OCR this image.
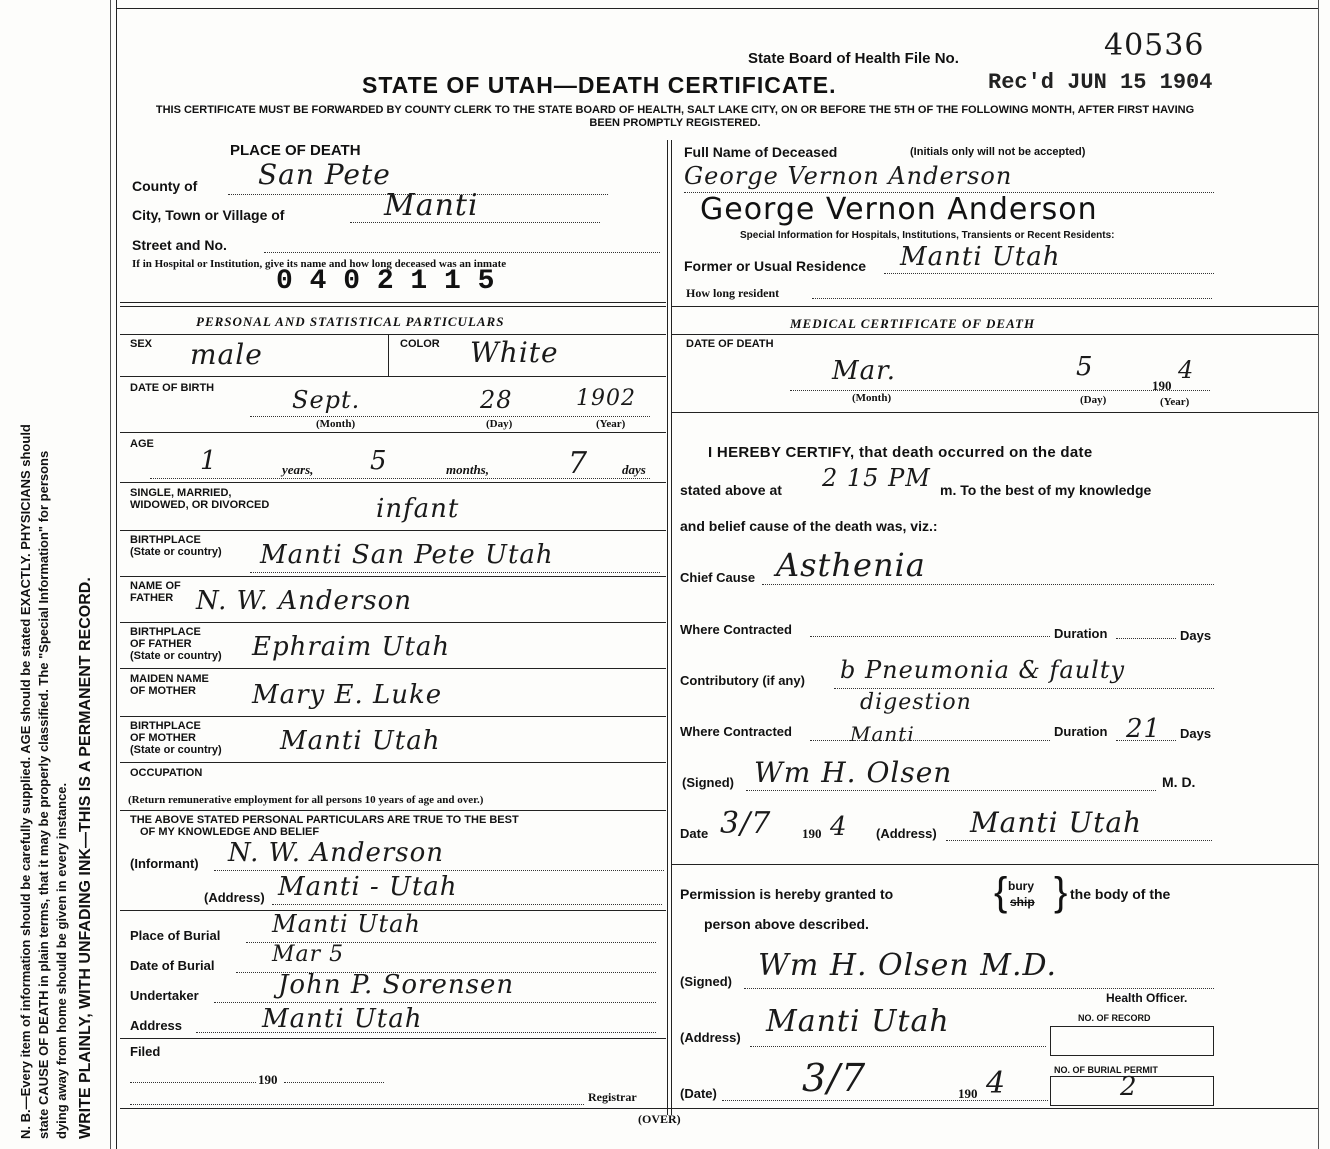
N. B.—Every item of information should be carefully supplied. AGE should be stated EXACTLY. PHYSICIANS should state CAUSE OF DEATH in plain terms, that it may be properly classified. The "Special Information" for persons dying away from home should be given in every instance. WRITE PLAINLY, WITH UNFADING INK—THIS IS A PERMANENT RECORD.
State Board of Health File No.	40536
STATE OF UTAH—DEATH CERTIFICATE.	Rec'd JUN 15 1904
THIS CERTIFICATE MUST BE FORWARDED BY COUNTY CLERK TO THE STATE BOARD OF HEALTH, SALT LAKE CITY, ON OR BEFORE THE 5TH OF THE FOLLOWING MONTH, AFTER FIRST HAVING BEEN PROMPTLY REGISTERED.
PLACE OF DEATH
County of San Pete
City, Town or Village of	Manti
Street and No.
If in Hospital or Institution, give its name and how long deceased was an inmate
0 4 0 2 1 1 5
Full Name of Deceased	(Initials only will not be accepted)
George Vernon Anderson
George Vernon Anderson
Special Information for Hospitals, Institutions, Transients or Recent Residents:
Former or Usual Residence Manti Utah
How long resident
PERSONAL AND STATISTICAL PARTICULARS	MEDICAL CERTIFICATE OF DEATH
SEX male	COLOR White
DATE OF BIRTH	Sept.	28	1902
(Month)	(Day)	(Year)
AGE
1	years, 5	months,	7	days
SINGLE, MARRIED,
WIDOWED, OR DIVORCED	infant
BIRTHPLACE
(State or country) Manti San Pete Utah
NAME OF
FATHER N. W. Anderson
BIRTHPLACE
OF FATHER
(State or country) Ephraim Utah
MAIDEN NAME
OF MOTHER Mary E. Luke
BIRTHPLACE
OF MOTHER
(State or country) Manti Utah
OCCUPATION
(Return remunerative employment for all persons 10 years of age and over.)
THE ABOVE STATED PERSONAL PARTICULARS ARE TRUE TO THE BEST
OF MY KNOWLEDGE AND BELIEF
(Informant) N. W. Anderson
(Address) Manti - Utah
Place of Burial Manti Utah
Date of Burial	Mar 5
Undertaker	John P. Sorensen
Address	Manti Utah
Filed
190
Registrar
(OVER)
DATE OF DEATH
Mar.	5
190
4
(Month)	(Day)	(Year)
I HEREBY CERTIFY, that death occurred on the date
stated above at 2 15 PM m. To the best of my knowledge
and belief cause of the death was, viz.:
Chief Cause Asthenia
Where Contracted	Duration	Days
Contributory (if any) b Pneumonia & faulty
digestion
Where Contracted	Manti	Duration 21 Days
(Signed) Wm H. Olsen	M. D.
Date 3/7 190 4 (Address) Manti Utah
Permission is hereby granted to	{ bury
ship } the body of the
person above described.
(Signed) Wm H. Olsen M.D.
Health Officer.
NO. OF RECORD
(Address) Manti Utah
NO. OF BURIAL PERMIT
2
(Date) 3/7	190 4
